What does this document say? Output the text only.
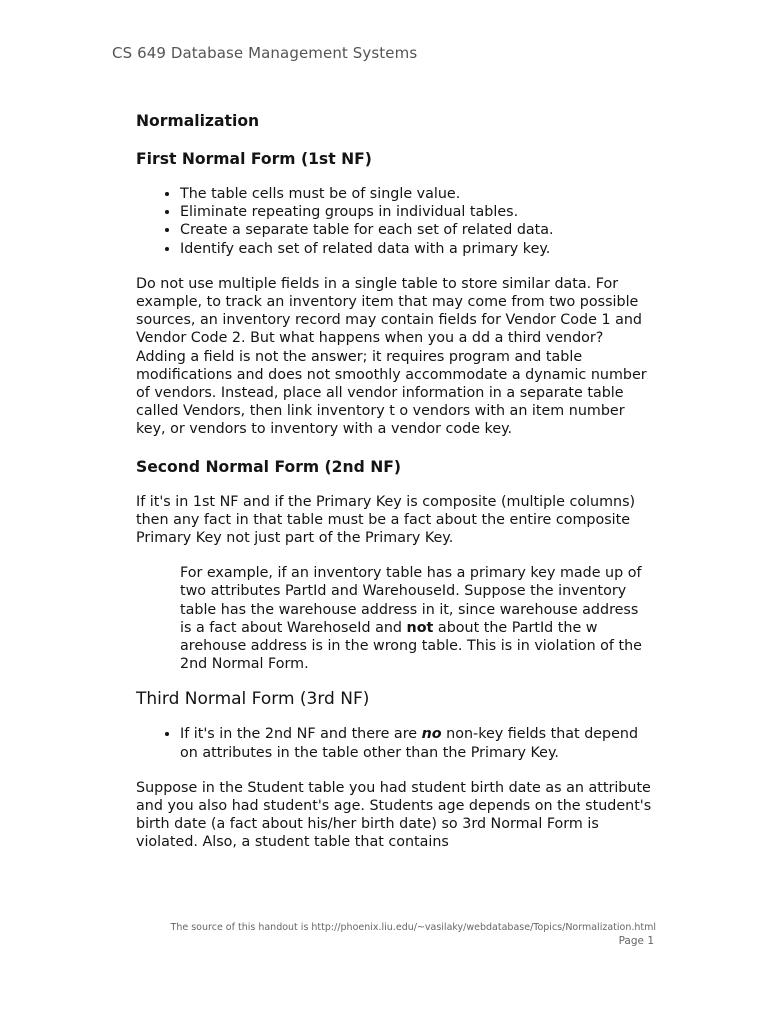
CS 649 Database Management Systems
Normalization
First Normal Form (1st NF)
• The table cells must be of single value.
• Eliminate repeating groups in individual tables.
• Create a separate table for each set of related data.
• Identify each set of related data with a primary key.

Do not use multiple fields in a single table to store similar data. For example, to track an inventory item that may come from two possible sources, an inventory record may contain fields for Vendor Code 1 and Vendor Code 2. But what happens when you a dd a third vendor? Adding a field is not the answer; it requires program and table modifications and does not smoothly accommodate a dynamic number of vendors. Instead, place all vendor information in a separate table called Vendors, then link inventory t o vendors with an item number key, or vendors to inventory with a vendor code key.

Second Normal Form (2nd NF)

If it's in 1st NF and if the Primary Key is composite (multiple columns) then any fact in that table must be a fact about the entire composite Primary Key not just part of the Primary Key.

For example, if an inventory table has a primary key made up of two attributes PartId and WarehouseId. Suppose the inventory table has the warehouse address in it, since warehouse address is a fact about WarehoseId and not about the PartId the w arehouse address is in the wrong table. This is in violation of the 2nd Normal Form.

Third Normal Form (3rd NF)
• If it's in the 2nd NF and there are no non-key fields that depend on attributes in the table other than the Primary Key.

Suppose in the Student table you had student birth date as an attribute and you also had student's age. Students age depends on the student's birth date (a fact about his/her birth date) so 3rd Normal Form is violated. Also, a student table that contains

The source of this handout is http://phoenix.liu.edu/~vasilaky/webdatabase/Topics/Normalization.html
Page 1
